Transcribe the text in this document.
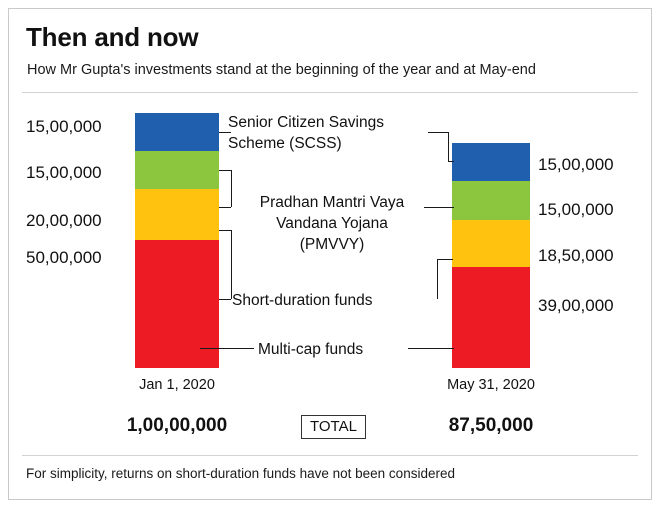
Then and now
How Mr Gupta's investments stand at the beginning of the year and at May-end
15,00,000
15,00,000
20,00,000
50,00,000
15,00,000
15,00,000
18,50,000
39,00,000
Senior Citizen Savings
Scheme (SCSS)
Pradhan Mantri Vaya
Vandana Yojana
(PMVVY)
Short-duration funds
Multi-cap funds
Jan 1, 2020	May 31, 2020
1,00,00,000	TOTAL	87,50,000
For simplicity, returns on short-duration funds have not been considered
